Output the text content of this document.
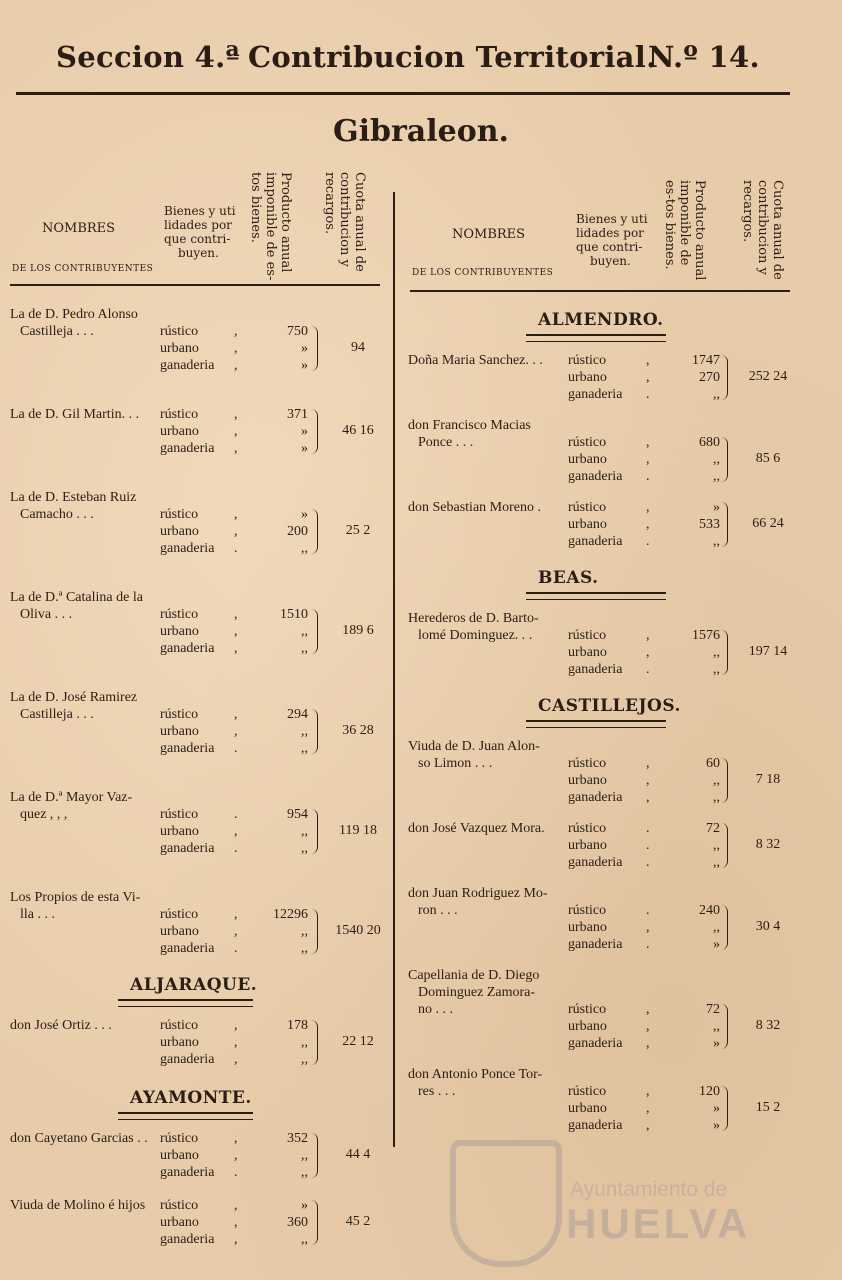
Seccion 4.ª Contribucion Territorial.
N.º 14.
Gibraleon.
NOMBRES
DE LOS CONTRIBUYENTES
Bienes y uti
lidades por
que contri-
buyen.	Producto anual imponible de es-tos bienes.	Cuota anual de contribucion y recargos.
NOMBRES
DE LOS CONTRIBUYENTES
Bienes y uti
lidades por
que contri-
buyen.	Producto anual imponible de es-tos bienes.	Cuota anual de contribucion y recargos.
La de D. Pedro Alonso
Castilleja . . .	rústico	,	750
urbano	,	»
ganaderia ,	»
94
La de D. Gil Martin. . .	rústico	,	371
urbano	,	»
ganaderia ,	»
46 16
La de D. Esteban Ruiz
Camacho . . .	rústico	,	»
urbano	,	200
ganaderia .	,,
25 2
La de D.ª Catalina de la
Oliva . . .	rústico	,	1510
urbano	,	,,
ganaderia ,	,,
189 6
La de D. José Ramirez
Castilleja . . .	rústico	,	294
urbano	,	,,
ganaderia .	,,
36 28
La de D.ª Mayor Vaz-
quez , , ,	rústico	.	954
urbano	,	,,
ganaderia .	,,
119 18
Los Propios de esta Vi-
lla . . .	rústico	,	12296
urbano	,	,,
ganaderia .	,,
1540 20
ALJARAQUE.
don José Ortiz . . .	rústico	,	178
urbano	,	,,
ganaderia ,	,,
22 12
AYAMONTE.
don Cayetano Garcias . . rústico	,	352
urbano	,	,,
ganaderia .	,,
44 4
Viuda de Molino é hijos	rústico	,	»
urbano	,	360
ganaderia ,	,,
45 2
ALMENDRO.
Doña Maria Sanchez. . .	rústico	,	1747
urbano	,	270
ganaderia .	,,
252 24
don Francisco Macias
Ponce . . .	rústico	,	680
urbano	,	,,
ganaderia .	,,
85 6
don Sebastian Moreno .	rústico	,	»
urbano	,	533
ganaderia .	,,
66 24
BEAS.
Herederos de D. Barto-
lomé Dominguez. . .	rústico	,	1576
urbano	,	,,
ganaderia .	,,
197 14
CASTILLEJOS.
Viuda de D. Juan Alon-
so Limon . . .	rústico	,	60
urbano	,	,,
ganaderia ,	,,
7 18
don José Vazquez Mora.	rústico	.	72
urbano	.	,,
ganaderia .	,,
8 32
don Juan Rodriguez Mo-
ron . . .	rústico	.	240
urbano	,	,,
ganaderia .	»
30 4
Capellania de D. Diego
Dominguez Zamora-
no . . .	rústico	,	72
urbano	,	,,
ganaderia ,	»
8 32
don Antonio Ponce Tor-
res . . .	rústico	,	120
urbano	,	»
ganaderia ,	»
15 2
Ayuntamiento de
HUELVA
